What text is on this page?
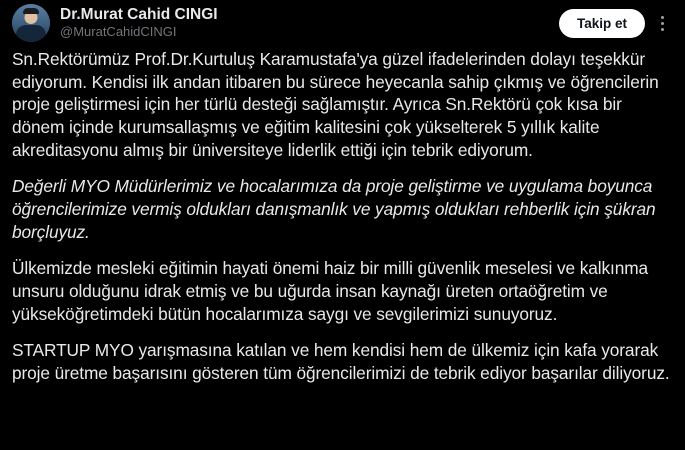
Dr.Murat Cahid CINGI
@MuratCahidCINGI
Takip et

Sn.Rektörümüz Prof.Dr.Kurtuluş Karamustafa'ya güzel ifadelerinden dolayı teşekkür ediyorum. Kendisi ilk andan itibaren bu sürece heyecanla sahip çıkmış ve öğrencilerin proje geliştirmesi için her türlü desteği sağlamıştır. Ayrıca Sn.Rektörü çok kısa bir dönem içinde kurumsallaşmış ve eğitim kalitesini çok yükselterek 5 yıllık kalite akreditasyonu almış bir üniversiteye liderlik ettiği için tebrik ediyorum.

Değerli MYO Müdürlerimiz ve hocalarımıza da proje geliştirme ve uygulama boyunca öğrencilerimize vermiş oldukları danışmanlık ve yapmış oldukları rehberlik için şükran borçluyuz.

Ülkemizde mesleki eğitimin hayati önemi haiz bir milli güvenlik meselesi ve kalkınma unsuru olduğunu idrak etmiş ve bu uğurda insan kaynağı üreten ortaöğretim ve yükseköğretimdeki bütün hocalarımıza saygı ve sevgilerimizi sunuyoruz.

STARTUP MYO yarışmasına katılan ve hem kendisi hem de ülkemiz için kafa yorarak proje üretme başarısını gösteren tüm öğrencilerimizi de tebrik ediyor başarılar diliyoruz.
